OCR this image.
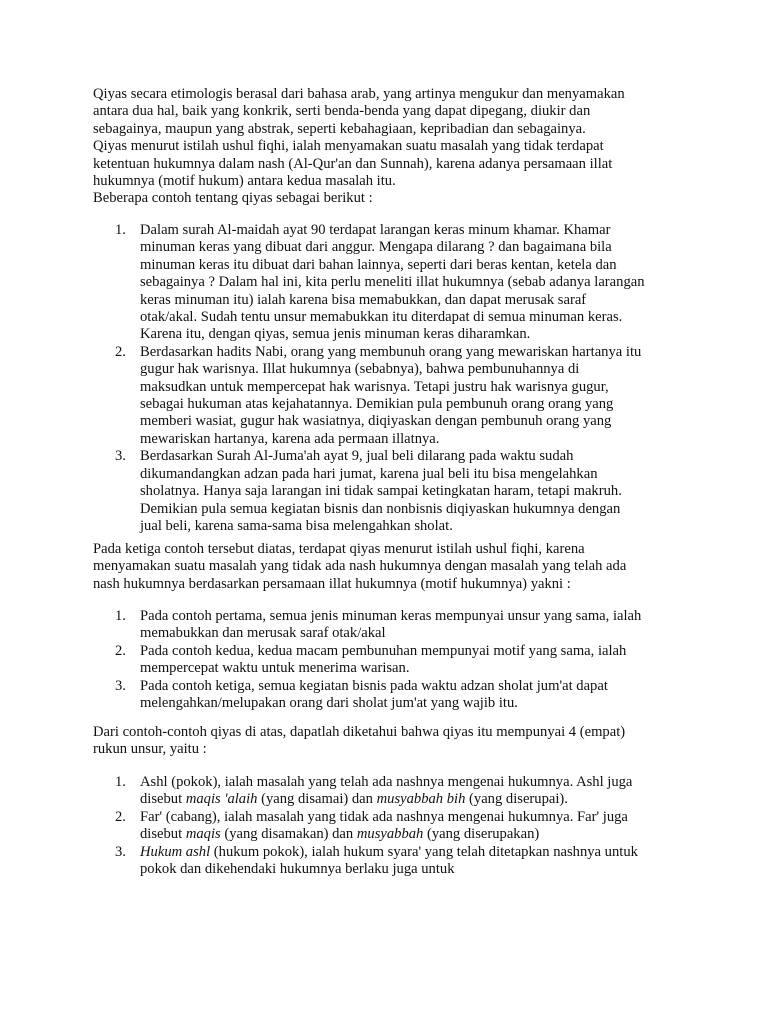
Qiyas secara etimologis berasal dari bahasa arab, yang artinya mengukur dan menyamakan
antara dua hal, baik yang konkrik, serti benda-benda yang dapat dipegang, diukir dan
sebagainya, maupun yang abstrak, seperti kebahagiaan, kepribadian dan sebagainya.
Qiyas menurut istilah ushul fiqhi, ialah menyamakan suatu masalah yang tidak terdapat
ketentuan hukumnya dalam nash (Al-Qur'an dan Sunnah), karena adanya persamaan illat
hukumnya (motif hukum) antara kedua masalah itu.
Beberapa contoh tentang qiyas sebagai berikut :

1. Dalam surah Al-maidah ayat 90 terdapat larangan keras minum khamar. Khamar
minuman keras yang dibuat dari anggur. Mengapa dilarang ? dan bagaimana bila
minuman keras itu dibuat dari bahan lainnya, seperti dari beras kentan, ketela dan
sebagainya ? Dalam hal ini, kita perlu meneliti illat hukumnya (sebab adanya larangan
keras minuman itu) ialah karena bisa memabukkan, dan dapat merusak saraf
otak/akal. Sudah tentu unsur memabukkan itu diterdapat di semua minuman keras.
Karena itu, dengan qiyas, semua jenis minuman keras diharamkan.
2. Berdasarkan hadits Nabi, orang yang membunuh orang yang mewariskan hartanya itu
gugur hak warisnya. Illat hukumnya (sebabnya), bahwa pembunuhannya di
maksudkan untuk mempercepat hak warisnya. Tetapi justru hak warisnya gugur,
sebagai hukuman atas kejahatannya. Demikian pula pembunuh orang orang yang
memberi wasiat, gugur hak wasiatnya, diqiyaskan dengan pembunuh orang yang
mewariskan hartanya, karena ada permaan illatnya.
3. Berdasarkan Surah Al-Juma'ah ayat 9, jual beli dilarang pada waktu sudah
dikumandangkan adzan pada hari jumat, karena jual beli itu bisa mengelahkan
sholatnya. Hanya saja larangan ini tidak sampai ketingkatan haram, tetapi makruh.
Demikian pula semua kegiatan bisnis dan nonbisnis diqiyaskan hukumnya dengan
jual beli, karena sama-sama bisa melengahkan sholat.

Pada ketiga contoh tersebut diatas, terdapat qiyas menurut istilah ushul fiqhi, karena
menyamakan suatu masalah yang tidak ada nash hukumnya dengan masalah yang telah ada
nash hukumnya berdasarkan persamaan illat hukumnya (motif hukumnya) yakni :

1. Pada contoh pertama, semua jenis minuman keras mempunyai unsur yang sama, ialah
memabukkan dan merusak saraf otak/akal
2. Pada contoh kedua, kedua macam pembunuhan mempunyai motif yang sama, ialah
mempercepat waktu untuk menerima warisan.
3. Pada contoh ketiga, semua kegiatan bisnis pada waktu adzan sholat jum'at dapat
melengahkan/melupakan orang dari sholat jum'at yang wajib itu.

Dari contoh-contoh qiyas di atas, dapatlah diketahui bahwa qiyas itu mempunyai 4 (empat)
rukun unsur, yaitu :

1. Ashl (pokok), ialah masalah yang telah ada nashnya mengenai hukumnya. Ashl juga
disebut maqis 'alaih (yang disamai) dan musyabbah bih (yang diserupai).
2. Far' (cabang), ialah masalah yang tidak ada nashnya mengenai hukumnya. Far' juga
disebut maqis (yang disamakan) dan musyabbah (yang diserupakan)
3. Hukum ashl (hukum pokok), ialah hukum syara' yang telah ditetapkan nashnya untuk
pokok dan dikehendaki hukumnya berlaku juga untuk
